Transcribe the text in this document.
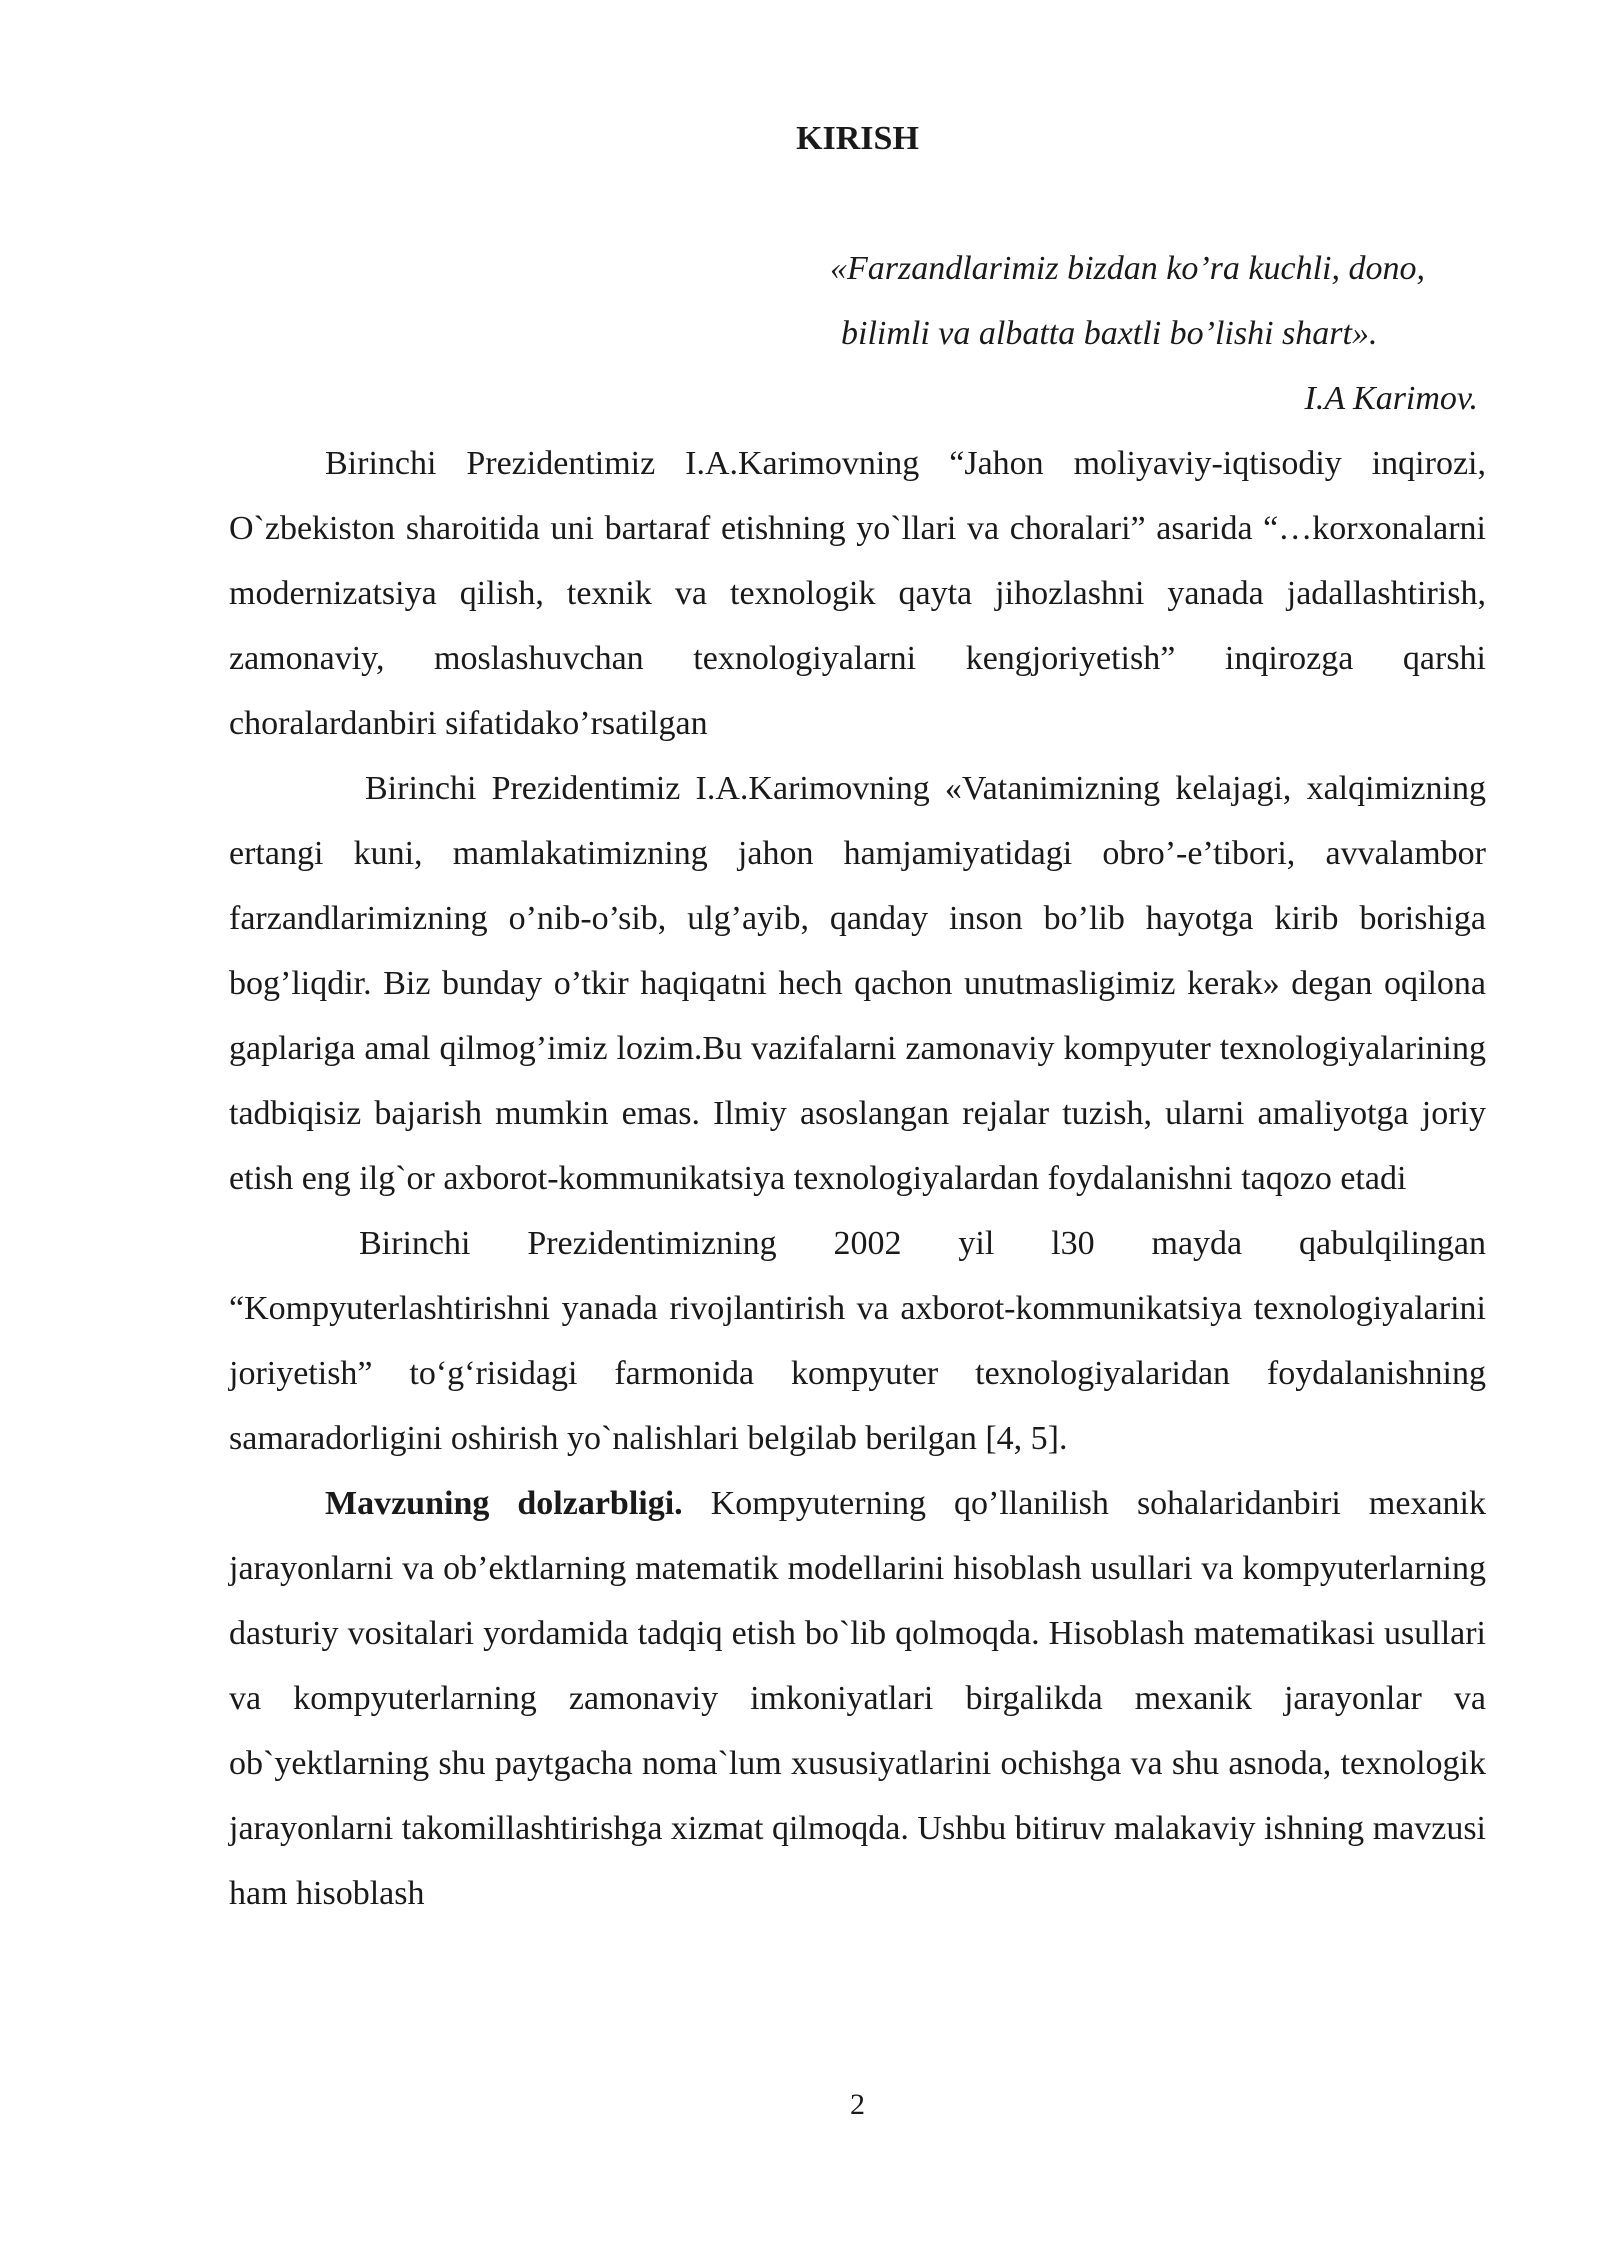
KIRISH
«Farzandlarimiz bizdan ko’ra kuchli, dono,
bilimli va albatta baxtli bo’lishi shart».
I.A Karimov.

Birinchi Prezidentimiz I.A.Karimovning “Jahon moliyaviy-iqtisodiy inqirozi, O`zbekiston sharoitida uni bartaraf etishning yo`llari va choralari” asarida “…korxonalarni modernizatsiya qilish, texnik va texnologik qayta jihozlashni yanada jadallashtirish, zamonaviy, moslashuvchan texnologiyalarni kengjoriyetish” inqirozga qarshi choralardanbiri sifatidako’rsatilgan

Birinchi Prezidentimiz I.A.Karimovning «Vatanimizning kelajagi, xalqimizning ertangi kuni, mamlakatimizning jahon hamjamiyatidagi obro’-e’tibori, avvalambor farzandlarimizning o’nib-o’sib, ulg’ayib, qanday inson bo’lib hayotga kirib borishiga bog’liqdir. Biz bunday o’tkir haqiqatni hech qachon unutmasligimiz kerak» degan oqilona gaplariga amal qilmog’imiz lozim.Bu vazifalarni zamonaviy kompyuter texnologiyalarining tadbiqisiz bajarish mumkin emas. Ilmiy asoslangan rejalar tuzish, ularni amaliyotga joriy etish eng ilg`or axborot-kommunikatsiya texnologiyalardan foydalanishni taqozo etadi

Birinchi Prezidentimizning 2002 yil l30 mayda qabulqilingan “Kompyuterlashtirishni yanada rivojlantirish va axborot-kommunikatsiya texnologiyalarini joriyetish” to‘g‘risidagi farmonida kompyuter texnologiyalaridan foydalanishning samaradorligini oshirish yo`nalishlari belgilab berilgan [4, 5].

Mavzuning dolzarbligi. Kompyuterning qo’llanilish sohalaridanbiri mexanik jarayonlarni va ob’ektlarning matematik modellarini hisoblash usullari va kompyuterlarning dasturiy vositalari yordamida tadqiq etish bo`lib qolmoqda. Hisoblash matematikasi usullari va kompyuterlarning zamonaviy imkoniyatlari birgalikda mexanik jarayonlar va ob`yektlarning shu paytgacha noma`lum xususiyatlarini ochishga va shu asnoda, texnologik jarayonlarni takomillashtirishga xizmat qilmoqda. Ushbu bitiruv malakaviy ishning mavzusi ham hisoblash

2
